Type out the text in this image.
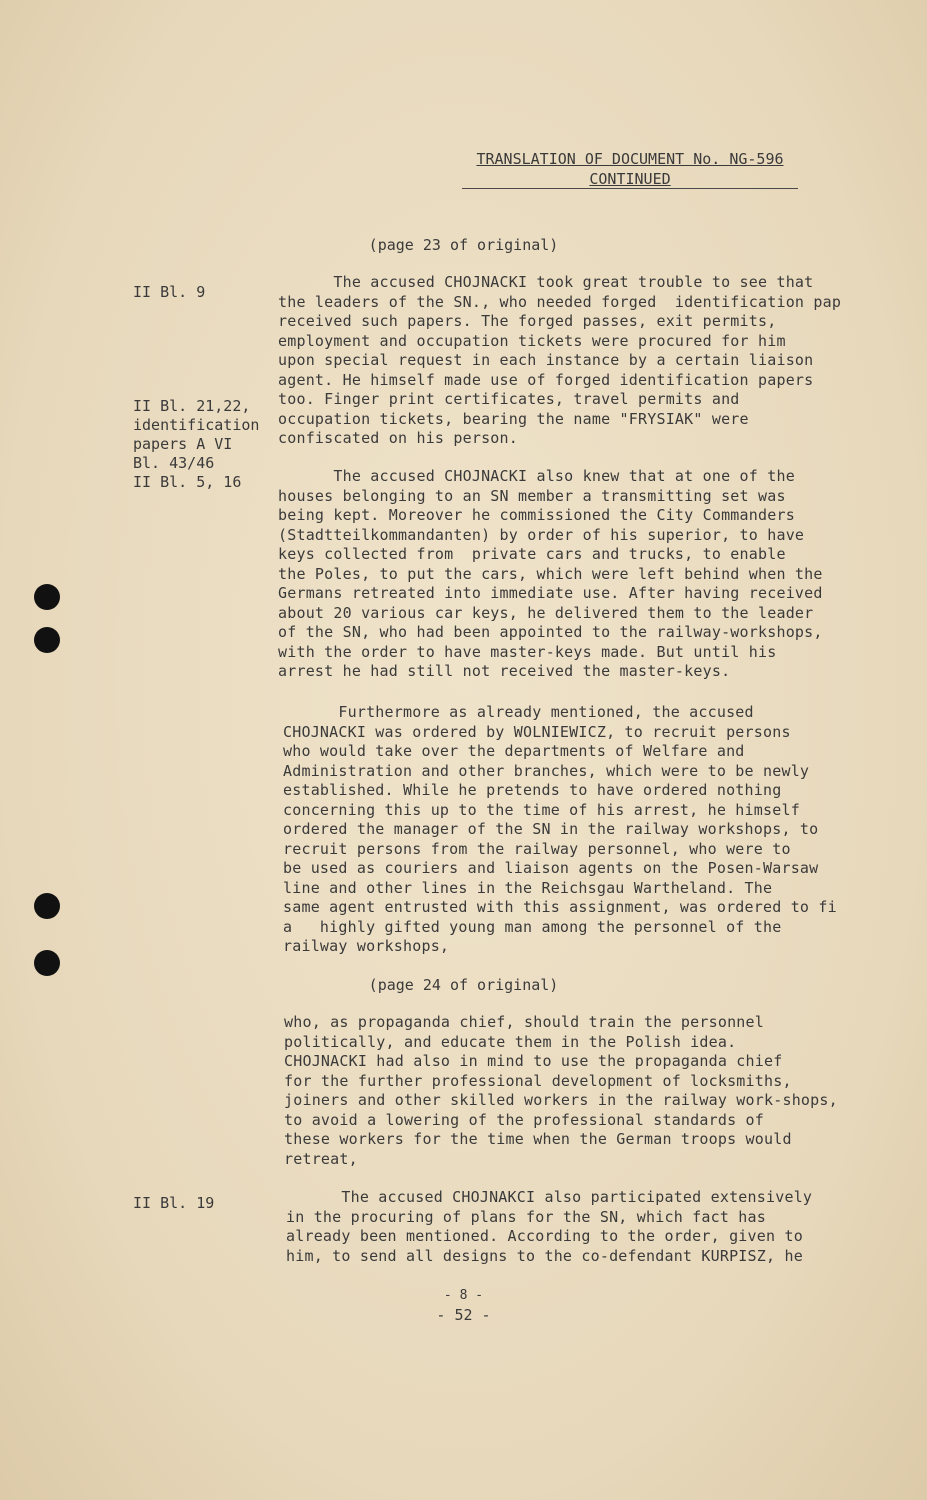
TRANSLATION OF DOCUMENT No. NG-596
CONTINUED
(page 23 of original)
II Bl. 9
The accused CHOJNACKI took great trouble to see that
the leaders of the SN., who needed forged  identification pap
received such papers. The forged passes, exit permits,
employment and occupation tickets were procured for him
upon special request in each instance by a certain liaison
agent. He himself made use of forged identification papers
too. Finger print certificates, travel permits and
occupation tickets, bearing the name "FRYSIAK" were
confiscated on his person.
II Bl. 21,22,
identification
papers A VI
Bl. 43/46
II Bl. 5, 16	The accused CHOJNACKI also knew that at one of the
houses belonging to an SN member a transmitting set was
being kept. Moreover he commissioned the City Commanders
(Stadtteilkommandanten) by order of his superior, to have
keys collected from  private cars and trucks, to enable
the Poles, to put the cars, which were left behind when the
Germans retreated into immediate use. After having received
about 20 various car keys, he delivered them to the leader
of the SN, who had been appointed to the railway-workshops,
with the order to have master-keys made. But until his
arrest he had still not received the master-keys.
Furthermore as already mentioned, the accused
CHOJNACKI was ordered by WOLNIEWICZ, to recruit persons
who would take over the departments of Welfare and
Administration and other branches, which were to be newly
established. While he pretends to have ordered nothing
concerning this up to the time of his arrest, he himself
ordered the manager of the SN in the railway workshops, to
recruit persons from the railway personnel, who were to
be used as couriers and liaison agents on the Posen-Warsaw
line and other lines in the Reichsgau Wartheland. The
same agent entrusted with this assignment, was ordered to fi
a   highly gifted young man among the personnel of the
railway workshops,
(page 24 of original)
who, as propaganda chief, should train the personnel
politically, and educate them in the Polish idea.
CHOJNACKI had also in mind to use the propaganda chief
for the further professional development of locksmiths,
joiners and other skilled workers in the railway work-shops,
to avoid a lowering of the professional standards of
these workers for the time when the German troops would
retreat,
II Bl. 19	The accused CHOJNAKCI also participated extensively
in the procuring of plans for the SN, which fact has
already been mentioned. According to the order, given to
him, to send all designs to the co-defendant KURPISZ, he
- 8 -
- 52 -
